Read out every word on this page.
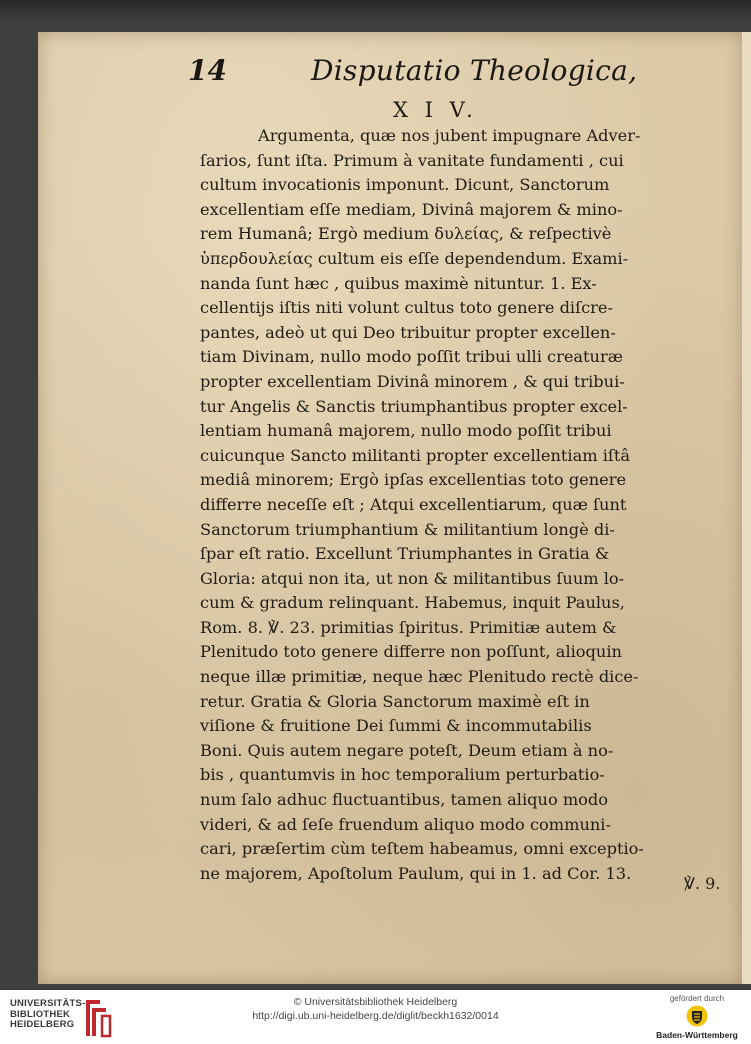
14	Disputatio Theologica,
X I V.
Argumenta, quæ nos jubent impugnare Adver-
ſarios, ſunt iſta. Primum à vanitate fundamenti , cui
cultum invocationis imponunt. Dicunt, Sanctorum
excellentiam eſſe mediam, Divinâ majorem & mino-
rem Humanâ; Ergò medium δυλείας, & reſpectivè
ὑπερδουλείας cultum eis eſſe dependendum. Exami-
nanda ſunt hæc , quibus maximè nituntur. 1. Ex-
cellentijs iſtis niti volunt cultus toto genere diſcre-
pantes, adeò ut qui Deo tribuitur propter excellen-
tiam Divinam, nullo modo poſſit tribui ulli creaturæ
propter excellentiam Divinâ minorem , & qui tribui-
tur Angelis & Sanctis triumphantibus propter excel-
lentiam humanâ majorem, nullo modo poſſit tribui
cuicunque Sancto militanti propter excellentiam iſtâ
mediâ minorem; Ergò ipſas excellentias toto genere
differre neceſſe eſt ; Atqui excellentiarum, quæ ſunt
Sanctorum triumphantium & militantium longè di-
ſpar eſt ratio. Excellunt Triumphantes in Gratia &
Gloria: atqui non ita, ut non & militantibus ſuum lo-
cum & gradum relinquant. Habemus, inquit Paulus,
Rom. 8. ℣. 23. primitias ſpiritus. Primitiæ autem &
Plenitudo toto genere differre non poſſunt, alioquin
neque illæ primitiæ, neque hæc Plenitudo rectè dice-
retur. Gratia & Gloria Sanctorum maximè eſt in
viſione & fruitione Dei ſummi & incommutabilis
Boni. Quis autem negare poteſt, Deum etiam à no-
bis , quantumvis in hoc temporalium perturbatio-
num ſalo adhuc fluctuantibus, tamen aliquo modo
videri, & ad ſeſe fruendum aliquo modo communi-
cari, præſertim cùm teſtem habeamus, omni exceptio-
ne majorem, Apoſtolum Paulum, qui in 1. ad Cor. 13.
℣. 9.
UNIVERSITÄTS-
BIBLIOTHEK
HEIDELBERG
© Universitätsbibliothek Heidelberg
http://digi.ub.uni-heidelberg.de/diglit/beckh1632/0014
gefördert durch
Baden-Württemberg
